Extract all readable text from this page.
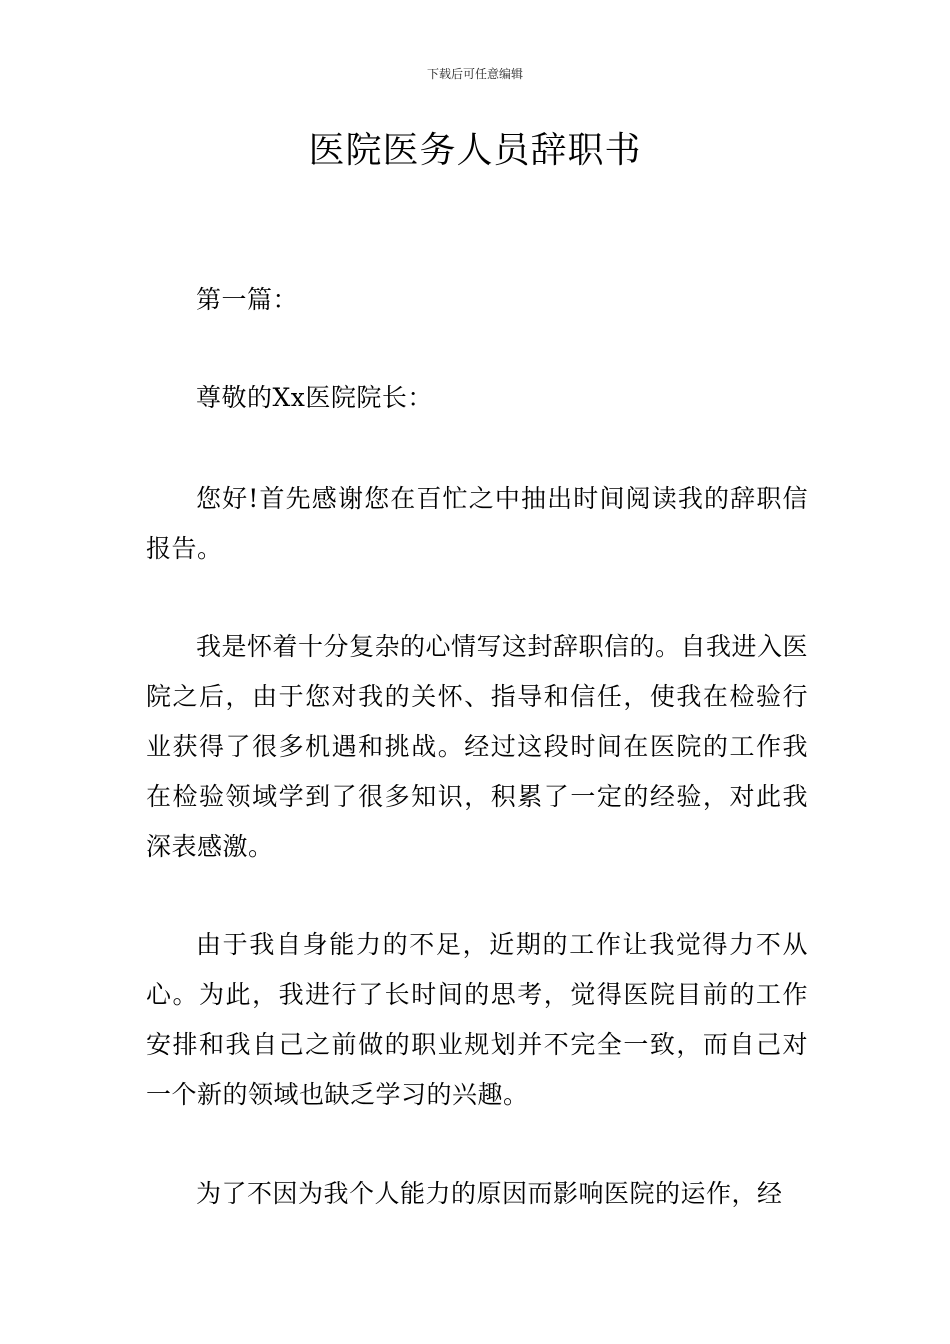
下载后可任意编辑
医院医务人员辞职书

第一篇：

尊敬的Xx医院院长：

您好!首先感谢您在百忙之中抽出时间阅读我的辞职信报告。

我是怀着十分复杂的心情写这封辞职信的。自我进入医院之后，由于您对我的关怀、指导和信任，使我在检验行业获得了很多机遇和挑战。经过这段时间在医院的工作我在检验领域学到了很多知识，积累了一定的经验，对此我深表感激。

由于我自身能力的不足，近期的工作让我觉得力不从心。为此，我进行了长时间的思考，觉得医院目前的工作安排和我自己之前做的职业规划并不完全一致，而自己对一个新的领域也缺乏学习的兴趣。

为了不因为我个人能力的原因而影响医院的运作，经
